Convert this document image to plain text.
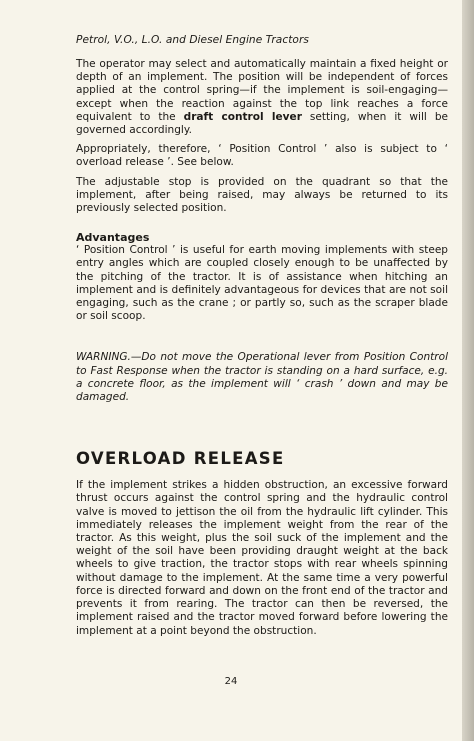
Petrol, V.O., L.O. and Diesel Engine Tractors

The operator may select and automatically maintain a fixed height or depth of an implement. The position will be independent of forces applied at the control spring—if the implement is soil-engaging—except when the reaction against the top link reaches a force equivalent to the draft control lever setting, when it will be governed accordingly.

Appropriately, therefore, ‘ Position Control ’ also is subject to ‘ overload release ’. See below.

The adjustable stop is provided on the quadrant so that the implement, after being raised, may always be returned to its previously selected position.

Advantages

‘ Position Control ’ is useful for earth moving implements with steep entry angles which are coupled closely enough to be unaffected by the pitching of the tractor. It is of assistance when hitching an implement and is definitely advantageous for devices that are not soil engaging, such as the crane ; or partly so, such as the scraper blade or soil scoop.

WARNING.—Do not move the Operational lever from Position Control to Fast Response when the tractor is standing on a hard surface, e.g. a concrete floor, as the implement will ‘ crash ’ down and may be damaged.

OVERLOAD RELEASE

If the implement strikes a hidden obstruction, an excessive forward thrust occurs against the control spring and the hydraulic control valve is moved to jettison the oil from the hydraulic lift cylinder. This immediately releases the implement weight from the rear of the tractor. As this weight, plus the soil suck of the implement and the weight of the soil have been providing draught weight at the back wheels to give traction, the tractor stops with rear wheels spinning without damage to the implement. At the same time a very powerful force is directed forward and down on the front end of the tractor and prevents it from rearing. The tractor can then be reversed, the implement raised and the tractor moved forward before lowering the implement at a point beyond the obstruction.

24
